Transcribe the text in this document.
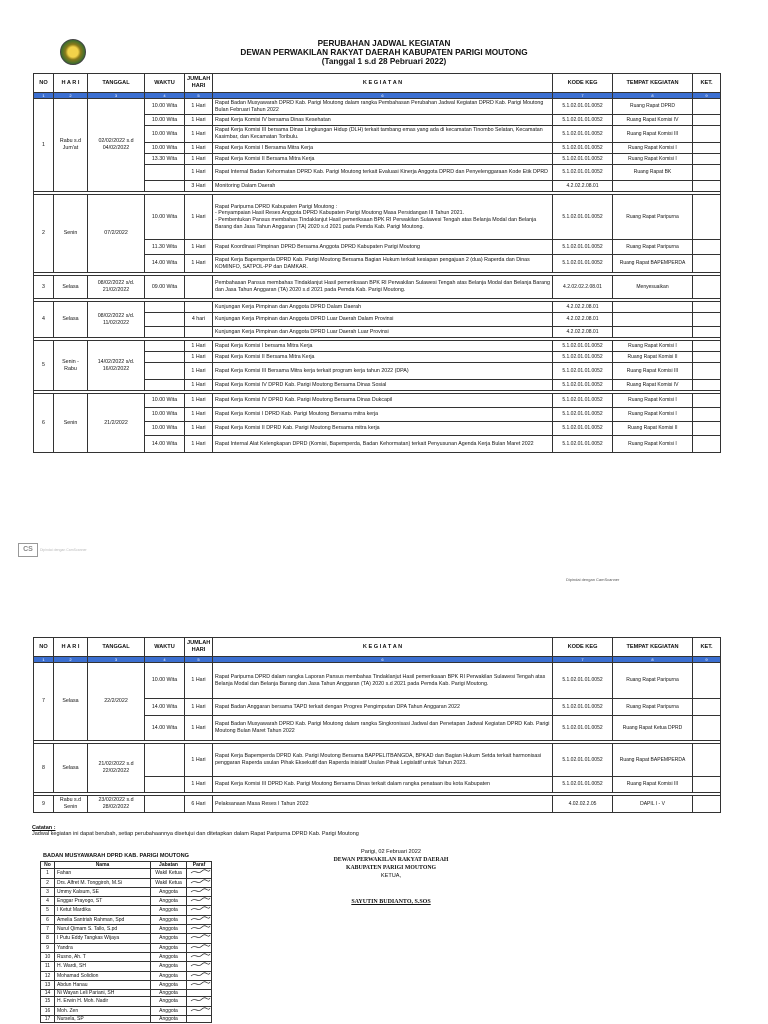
PERUBAHAN JADWAL KEGIATAN
DEWAN PERWAKILAN RAKYAT DAERAH KABUPATEN PARIGI MOUTONG
(Tanggal 1 s.d 28 Pebruari 2022)
NO	H A R I	TANGGAL	WAKTU	JUMLAH HARI	K E G I A T A N	KODE KEG	TEMPAT KEGIATAN	KET.
1	2	3	4	5	6	7	8	9
1	Rabu s.d Jum'at	02/02/2022 s.d 04/02/2022	10.00 Wita	1 Hari	Rapat Badan Musyawarah DPRD Kab. Parigi Moutong dalam rangka Pembahasan Perubahan Jadwal Kegiatan DPRD Kab. Parigi Moutong Bulan Februari Tahun 2022	5.1.02.01.01.0052	Ruang Rapat DPRD	
			10.00 Wita	1 Hari	Rapat Kerja Komisi IV bersama Dinas Kesehatan	5.1.02.01.01.0052	Ruang Rapat Komisi IV	
			10.00 Wita	1 Hari	Rapat Kerja Komisi III bersama Dinas Lingkungan Hidup (DLH) terkait tambang emas yang ada di kecamatan Tinombo Selatan, Kecamatan Kasimbar, dan Kecamatan Toribulu.	5.1.02.01.01.0052	Ruang Rapat Komisi III	
			10.00 Wita	1 Hari	Rapat Kerja Komisi I Bersama Mitra Kerja	5.1.02.01.01.0052	Ruang Rapat Komisi I	
			13.30 Wita	1 Hari	Rapat Kerja Komisi II Bersama Mitra Kerja	5.1.02.01.01.0052	Ruang Rapat Komisi I	
				1 Hari	Rapat Internal Badan Kehormatan DPRD Kab. Parigi Moutong terkait Evaluasi Kinerja Anggota DPRD dan Penyelenggaraan Kode Etik DPRD	5.1.02.01.01.0052	Ruang Rapat BK	
				3 Hari	Monitoring Dalam Daerah	4.2.02.2.08.01		

2	Senin	07/2/2022	10.00 Wita	1 Hari	Rapat Paripurna DPRD Kabupaten Parigi Moutong :
- Penyampaian Hasil Reses Anggota DPRD Kabupaten Parigi Moutong Masa Persidangan III Tahun 2021.
- Pembentukan Pansus membahas Tindaklanjut Hasil pemeriksaan BPK RI Perwakilan Sulawesi Tengah atas Belanja Modal dan Belanja Barang dan Jasa Tahun Anggaran (TA) 2020 s.d 2021 pada Pemda Kab. Parigi Moutong.	5.1.02.01.01.0052	Ruang Rapat Paripurna	
			11.30 Wita	1 Hari	Rapat Koordinasi Pimpinan DPRD Bersama Anggota DPRD Kabupaten Parigi Moutong	5.1.02.01.01.0052	Ruang Rapat Paripurna	
			14.00 Wita	1 Hari	Rapat Kerja Bapemperda DPRD Kab. Parigi Moutong Bersama Bagian Hukum terkait kesiapan pengajuan 2 (dua) Raperda dan Dinas KOMINFO, SATPOL-PP dan DAMKAR.	5.1.02.01.01.0052	Ruang Rapat BAPEMPERDA	

3	Selasa	08/02/2022 s/d. 21/02/2022	09.00 Wita		Pembahasan Pansus membahas Tindaklanjut Hasil pemeriksaan BPK RI Perwakilan Sulawesi Tengah atas Belanja Modal dan Belanja Barang dan Jasa Tahun Anggaran (TA) 2020 s.d 2021 pada Pemda Kab. Parigi Moutong.	4.2.02.02.2.08.01	Menyesuaikan	

4	Selasa	08/02/2022 s/d. 11/02/2022			Kunjungan Kerja Pimpinan dan Anggota DPRD Dalam Daerah	4.2.02.2.08.01		
				4 hari	Kunjungan Kerja Pimpinan dan Anggota DPRD Luar Daerah Dalam Provinsi	4.2.02.2.08.01		
					Kunjungan Kerja Pimpinan dan Anggota DPRD Luar Daerah Luar Provinsi	4.2.02.2.08.01		

5	Senin - Rabu	14/02/2022 s/d. 16/02/2022		1 Hari	Rapat Kerja Komisi I bersama Mitra Kerja	5.1.02.01.01.0052	Ruang Rapat Komisi I	
				1 Hari	Rapat Kerja Komisi II Bersama Mitra Kerja	5.1.02.01.01.0052	Ruang Rapat Komisi II	
				1 Hari	Rapat Kerja Komisi III Bersama Mitra kerja terkait program kerja tahun 2022 (DPA)	5.1.02.01.01.0052	Ruang Rapat Komisi III	
				1 Hari	Rapat Kerja Komisi IV DPRD Kab. Parigi Moutong Bersama Dinas Sosial	5.1.02.01.01.0052	Ruang Rapat Komisi IV	

6	Senin	21/2/2022	10.00 Wita	1 Hari	Rapat Kerja Komisi IV DPRD Kab. Parigi Moutong Bersama Dinas Dukcapil	5.1.02.01.01.0052	Ruang Rapat Komisi I	
			10.00 Wita	1 Hari	Rapat Kerja Komisi I DPRD Kab. Parigi Moutong Bersama mitra kerja	5.1.02.01.01.0052	Ruang Rapat Komisi I	
			10.00 Wita	1 Hari	Rapat Kerja Komisi II DPRD Kab. Parigi Moutong Bersama mitra kerja	5.1.02.01.01.0052	Ruang Rapat Komisi II	
			14.00 Wita	1 Hari	Rapat Internal Alat Kelengkapan DPRD (Komisi, Bapemperda, Badan Kehormatan) terkait Penyusunan Agenda Kerja Bulan Maret 2022	5.1.02.01.01.0052	Ruang Rapat Komisi I	
CS	Dipindai dengan CamScanner
Dipindai dengan CamScanner
NO	H A R I	TANGGAL	WAKTU	JUMLAH HARI	K E G I A T A N	KODE KEG	TEMPAT KEGIATAN	KET.
1	2	3	4	5	6	7	8	9
7	Selasa	22/2/2022	10.00 Wita	1 Hari	Rapat Paripurna DPRD dalam rangka Laporan Pansus membahas Tindaklanjut Hasil pemeriksaan BPK RI Perwakilan Sulawesi Tengah atas Belanja Modal dan Belanja Barang dan Jasa Tahun Anggaran (TA) 2020 s.d 2021 pada Pemda Kab. Parigi Moutong.	5.1.02.01.01.0052	Ruang Rapat Paripurna	
			14.00 Wita	1 Hari	Rapat Badan Anggaran bersama TAPD terkait dengan Progres Pengimputan DPA Tahun Anggaran 2022	5.1.02.01.01.0052	Ruang Rapat Paripurna	
			14.00 Wita	1 Hari	Rapat Badan Musyawarah DPRD Kab. Parigi Moutong dalam rangka Singkronisasi Jadwal dan Penetapan Jadwal Kegiatan DPRD Kab. Parigi Moutong Bulan Maret Tahun 2022	5.1.02.01.01.0052	Ruang Rapat Ketua DPRD	

8	Selasa	21/02/2022 s.d 22/02/2022		1 Hari	Rapat Kerja Bapemperda DPRD Kab. Parigi Moutong Bersama BAPPELITBANGDA, BPKAD dan Bagian Hukum Setda terkait harmonisasi penggaran Raperda usulan Pihak Eksekutif dan Raperda inisiatif Usulan Pihak Legislatif untuk Tahun 2023.	5.1.02.01.01.0052	Ruang Rapat BAPEMPERDA	
				1 Hari	Rapat Kerja Komisi III DPRD Kab. Parigi Moutong Bersama Dinas terkait dalam rangka penataan ibu kota Kabupaten	5.1.02.01.01.0052	Ruang Rapat Komisi III	

9	Rabu s.d Senin	23/02/2022 s.d 28/02/2022		6 Hari	Pelaksanaan Masa Reses I Tahun 2022	4.02.02.2.05	DAPIL I - V	
Catatan :
Jadwal kegiatan ini dapat berubah, setiap perubahaannya disetujui dan ditetapkan dalam Rapat Paripurna DPRD Kab. Parigi Moutong
Parigi, 02 Februari 2022
DEWAN PERWAKILAN RAKYAT DAERAH
KABUPATEN PARIGI MOUTONG
KETUA,
SAYUTIN BUDIANTO, S.SOS
BADAN MUSYAWARAH DPRD KAB. PARIGI MOUTONG
No	Nama	Jabatan	Paraf
1	Fahan	Wakil Ketua	
2	Drs. Alfret M. Tonggiroh, M.Si	Wakil Ketua	
3	Ummy Kalsum, SE	Anggota	
4	Enggar Prayogo, ST	Anggota	
5	I Ketut Mardika	Anggota	
6	Amelia Santriah Rahman, Spd	Anggota	
7	Nurul Qimam S. Tallo, S.pd	Anggota	
8	I Putu Eddy Tangkas Wijaya	Anggota	
9	Yandra	Anggota	
10	Rusno, Ah. T	Anggota	
11	H. Wardi, SH	Anggota	
12	Mohamad Solidion	Anggota	
13	Abdun Hanau	Anggota	
14	Ni Wayan Leli Pariani, SH	Anggota	
15	H. Erwin H. Moh. Nadir	Anggota	
16	Moh. Zen	Anggota	
17	Nursela, SP	Anggota	
